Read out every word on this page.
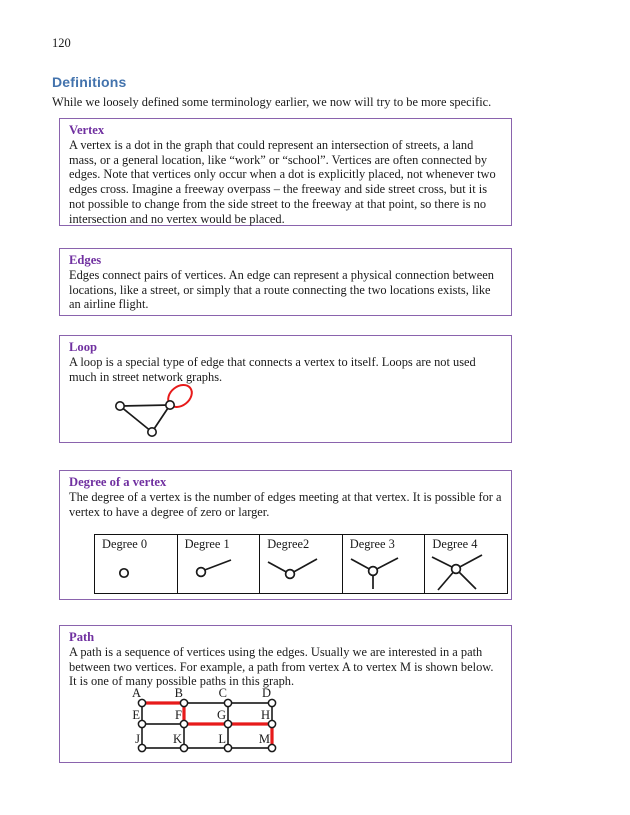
120
Definitions
While we loosely defined some terminology earlier, we now will try to be more specific.
Vertex
A vertex is a dot in the graph that could represent an intersection of streets, a land mass, or a general location, like “work” or “school”. Vertices are often connected by edges. Note that vertices only occur when a dot is explicitly placed, not whenever two edges cross. Imagine a freeway overpass – the freeway and side street cross, but it is not possible to change from the side street to the freeway at that point, so there is no intersection and no vertex would be placed.
Edges
Edges connect pairs of vertices. An edge can represent a physical connection between locations, like a street, or simply that a route connecting the two locations exists, like an airline flight.
Loop
A loop is a special type of edge that connects a vertex to itself. Loops are not used much in street network graphs.
Degree of a vertex
The degree of a vertex is the number of edges meeting at that vertex. It is possible for a vertex to have a degree of zero or larger.
Degree 0	Degree 1	Degree2	Degree 3	Degree 4
Path
A path is a sequence of vertices using the edges. Usually we are interested in a path between two vertices. For example, a path from vertex A to vertex M is shown below. It is one of many possible paths in this graph.
A	B	C	D
E	F	G	H
J	K	L	M
